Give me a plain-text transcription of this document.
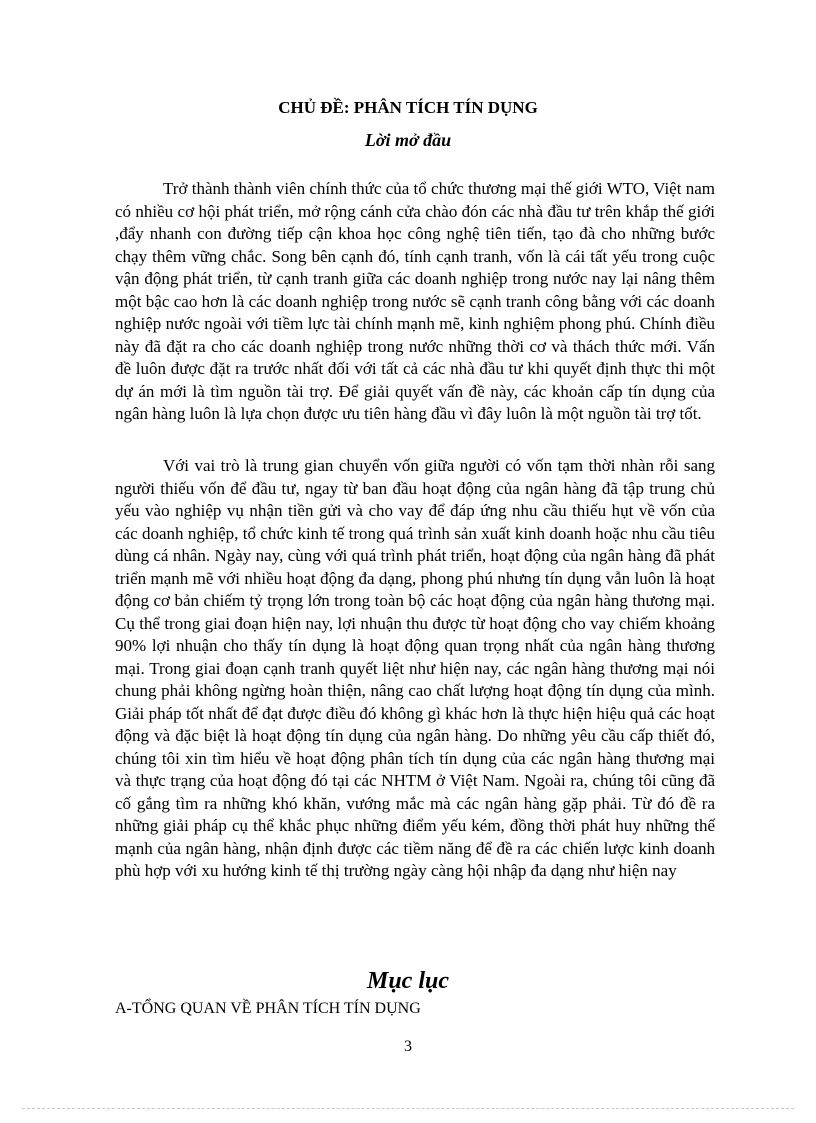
CHỦ ĐỀ: PHÂN TÍCH TÍN DỤNG
Lời mở đầu

Trở thành thành viên chính thức của tổ chức thương mại thế giới WTO, Việt nam có nhiều cơ hội phát triển, mở rộng cánh cửa chào đón các nhà đầu tư trên khắp thế giới ,đẩy nhanh con đường tiếp cận khoa học công nghệ tiên tiến, tạo đà cho những bước chạy thêm vững chắc. Song bên cạnh đó, tính cạnh tranh, vốn là cái tất yếu trong cuộc vận động phát triển, từ cạnh tranh giữa các doanh nghiệp trong nước nay lại nâng thêm một bậc cao hơn là các doanh nghiệp trong nước sẽ cạnh tranh công bằng với các doanh nghiệp nước ngoài với tiềm lực tài chính mạnh mẽ, kinh nghiệm phong phú. Chính điều này đã đặt ra cho các doanh nghiệp trong nước những thời cơ và thách thức mới. Vấn đề luôn được đặt ra trước nhất đối với tất cả các nhà đầu tư khi quyết định thực thi một dự án mới là tìm nguồn tài trợ. Để giải quyết vấn đề này, các khoản cấp tín dụng của ngân hàng luôn là lựa chọn được ưu tiên hàng đầu vì đây luôn là một nguồn tài trợ tốt.

Với vai trò là trung gian chuyển vốn giữa người có vốn tạm thời nhàn rỗi sang người thiếu vốn để đầu tư, ngay từ ban đầu hoạt động của ngân hàng đã tập trung chủ yếu vào nghiệp vụ nhận tiền gửi và cho vay để đáp ứng nhu cầu thiếu hụt về vốn của các doanh nghiệp, tổ chức kinh tế trong quá trình sản xuất kinh doanh hoặc nhu cầu tiêu dùng cá nhân. Ngày nay, cùng với quá trình phát triển, hoạt động của ngân hàng đã phát triển mạnh mẽ với nhiều hoạt động đa dạng, phong phú nhưng tín dụng vẫn luôn là hoạt động cơ bản chiếm tỷ trọng lớn trong toàn bộ các hoạt động của ngân hàng thương mại. Cụ thể trong giai đoạn hiện nay, lợi nhuận thu được từ hoạt động cho vay chiếm khoảng 90% lợi nhuận cho thấy tín dụng là hoạt động quan trọng nhất của ngân hàng thương mại. Trong giai đoạn cạnh tranh quyết liệt như hiện nay, các ngân hàng thương mại nói chung phải không ngừng hoàn thiện, nâng cao chất lượng hoạt động tín dụng của mình. Giải pháp tốt nhất để đạt được điều đó không gì khác hơn là thực hiện hiệu quả các hoạt động và đặc biệt là hoạt động tín dụng của ngân hàng. Do những yêu cầu cấp thiết đó, chúng tôi xin tìm hiểu về hoạt động phân tích tín dụng của các ngân hàng thương mại và thực trạng của hoạt động đó tại các NHTM ở Việt Nam. Ngoài ra, chúng tôi cũng đã cố gắng tìm ra những khó khăn, vướng mắc mà các ngân hàng gặp phải. Từ đó đề ra những giải pháp cụ thể khắc phục những điểm yếu kém, đồng thời phát huy những thế mạnh của ngân hàng, nhận định được các tiềm năng để đề ra các chiến lược kinh doanh phù hợp với xu hướng kinh tế thị trường ngày càng hội nhập đa dạng như hiện nay

Mục lục
A-TỔNG QUAN VỀ PHÂN TÍCH TÍN DỤNG
3
